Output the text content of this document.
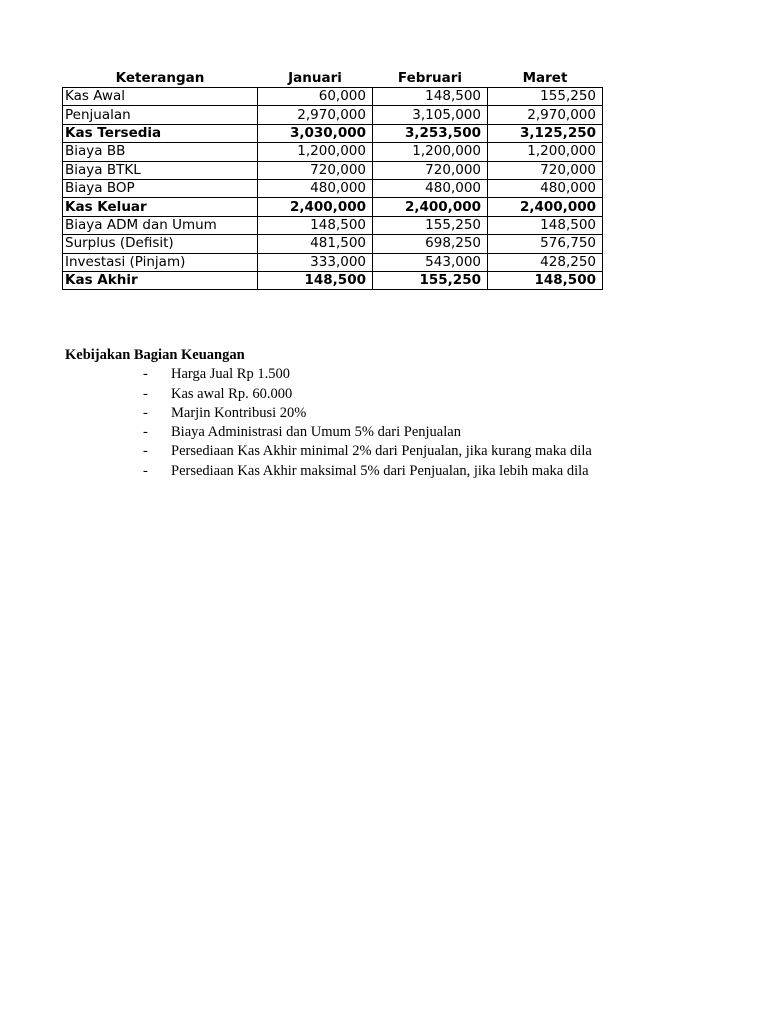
Keterangan	Januari	Februari	Maret
Kas Awal	60,000	148,500	155,250
Penjualan	2,970,000	3,105,000	2,970,000
Kas Tersedia	3,030,000	3,253,500	3,125,250
Biaya BB	1,200,000	1,200,000	1,200,000
Biaya BTKL	720,000	720,000	720,000
Biaya BOP	480,000	480,000	480,000
Kas Keluar	2,400,000	2,400,000	2,400,000
Biaya ADM dan Umum	148,500	155,250	148,500
Surplus (Defisit)	481,500	698,250	576,750
Investasi (Pinjam)	333,000	543,000	428,250
Kas Akhir	148,500	155,250	148,500
Kebijakan Bagian Keuangan
- Harga Jual Rp 1.500
- Kas awal Rp. 60.000
- Marjin Kontribusi 20%
- Biaya Administrasi dan Umum 5% dari Penjualan
- Persediaan Kas Akhir minimal 2% dari Penjualan, jika kurang maka dila
- Persediaan Kas Akhir maksimal 5% dari Penjualan, jika lebih maka dila
